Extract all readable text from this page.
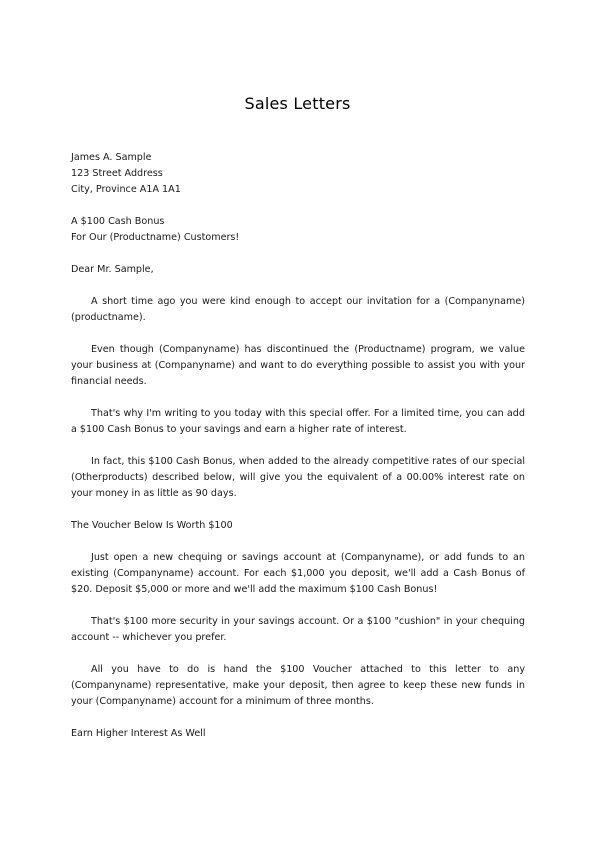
Sales Letters
James A. Sample
123 Street Address
City, Province A1A 1A1
A $100 Cash Bonus
For Our (Productname) Customers!
Dear Mr. Sample,

A short time ago you were kind enough to accept our invitation for a (Companyname) (productname).

Even though (Companyname) has discontinued the (Productname) program, we value your business at (Companyname) and want to do everything possible to assist you with your financial needs.

That's why I'm writing to you today with this special offer. For a limited time, you can add a $100 Cash Bonus to your savings and earn a higher rate of interest.

In fact, this $100 Cash Bonus, when added to the already competitive rates of our special (Otherproducts) described below, will give you the equivalent of a 00.00% interest rate on your money in as little as 90 days.

The Voucher Below Is Worth $100

Just open a new chequing or savings account at (Companyname), or add funds to an existing (Companyname) account. For each $1,000 you deposit, we'll add a Cash Bonus of $20. Deposit $5,000 or more and we'll add the maximum $100 Cash Bonus!

That's $100 more security in your savings account. Or a $100 "cushion" in your chequing account -- whichever you prefer.

All you have to do is hand the $100 Voucher attached to this letter to any (Companyname) representative, make your deposit, then agree to keep these new funds in your (Companyname) account for a minimum of three months.

Earn Higher Interest As Well
